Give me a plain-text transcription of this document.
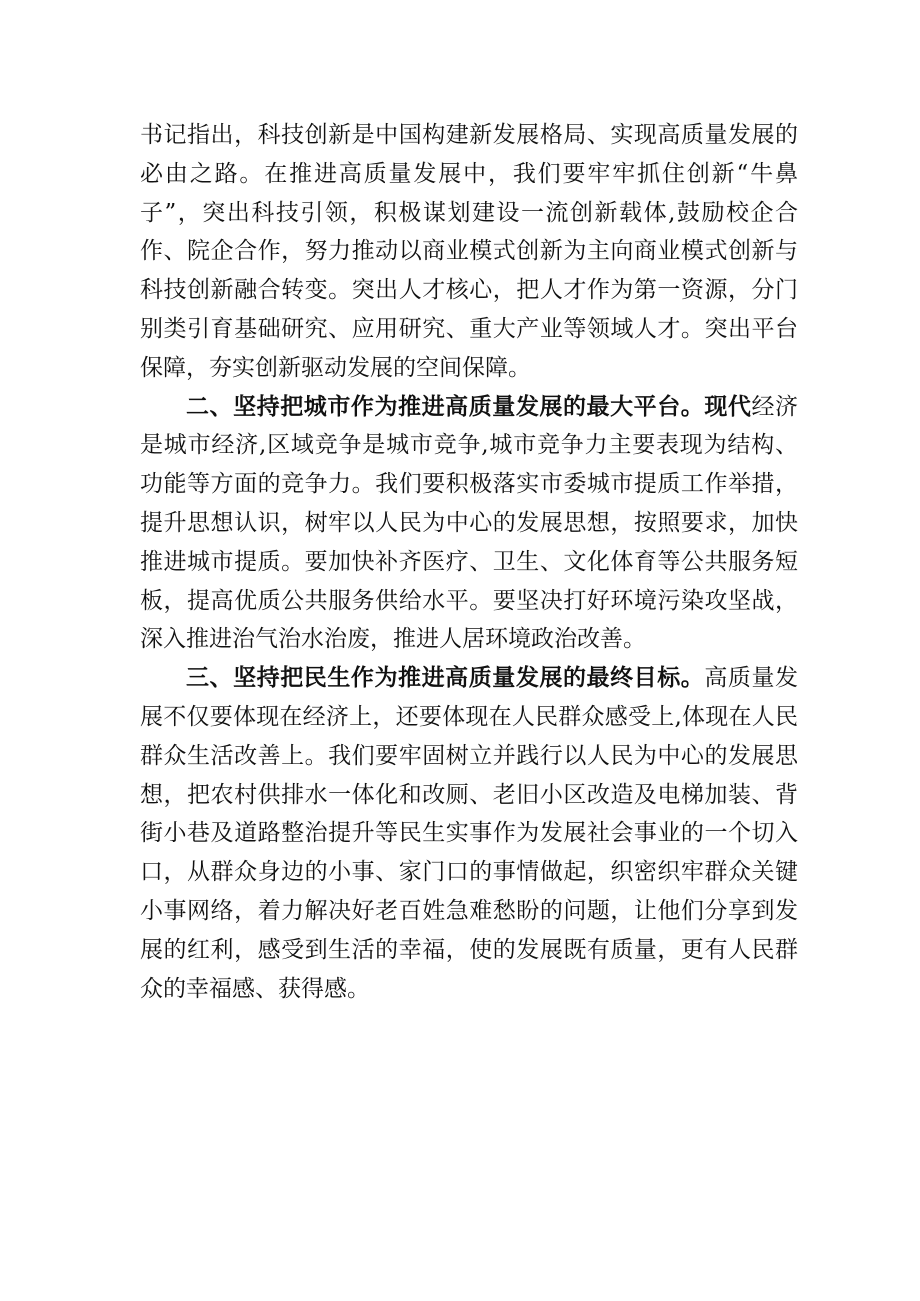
书记指出，科技创新是中国构建新发展格局、实现高质量发展的必由之路。在推进高质量发展中，我们要牢牢抓住创新“牛鼻子”，突出科技引领，积极谋划建设一流创新载体,鼓励校企合作、院企合作，努力推动以商业模式创新为主向商业模式创新与科技创新融合转变。突出人才核心，把人才作为第一资源，分门别类引育基础研究、应用研究、重大产业等领域人才。突出平台保障，夯实创新驱动发展的空间保障。

二、坚持把城市作为推进高质量发展的最大平台。现代经济是城市经济,区域竞争是城市竞争,城市竞争力主要表现为结构、功能等方面的竞争力。我们要积极落实市委城市提质工作举措，提升思想认识，树牢以人民为中心的发展思想，按照要求，加快推进城市提质。要加快补齐医疗、卫生、文化体育等公共服务短板，提高优质公共服务供给水平。要坚决打好环境污染攻坚战，深入推进治气治水治废，推进人居环境政治改善。

三、坚持把民生作为推进高质量发展的最终目标。高质量发展不仅要体现在经济上，还要体现在人民群众感受上,体现在人民群众生活改善上。我们要牢固树立并践行以人民为中心的发展思想，把农村供排水一体化和改厕、老旧小区改造及电梯加装、背街小巷及道路整治提升等民生实事作为发展社会事业的一个切入口，从群众身边的小事、家门口的事情做起，织密织牢群众关键小事网络，着力解决好老百姓急难愁盼的问题，让他们分享到发展的红利，感受到生活的幸福，使的发展既有质量，更有人民群众的幸福感、获得感。
